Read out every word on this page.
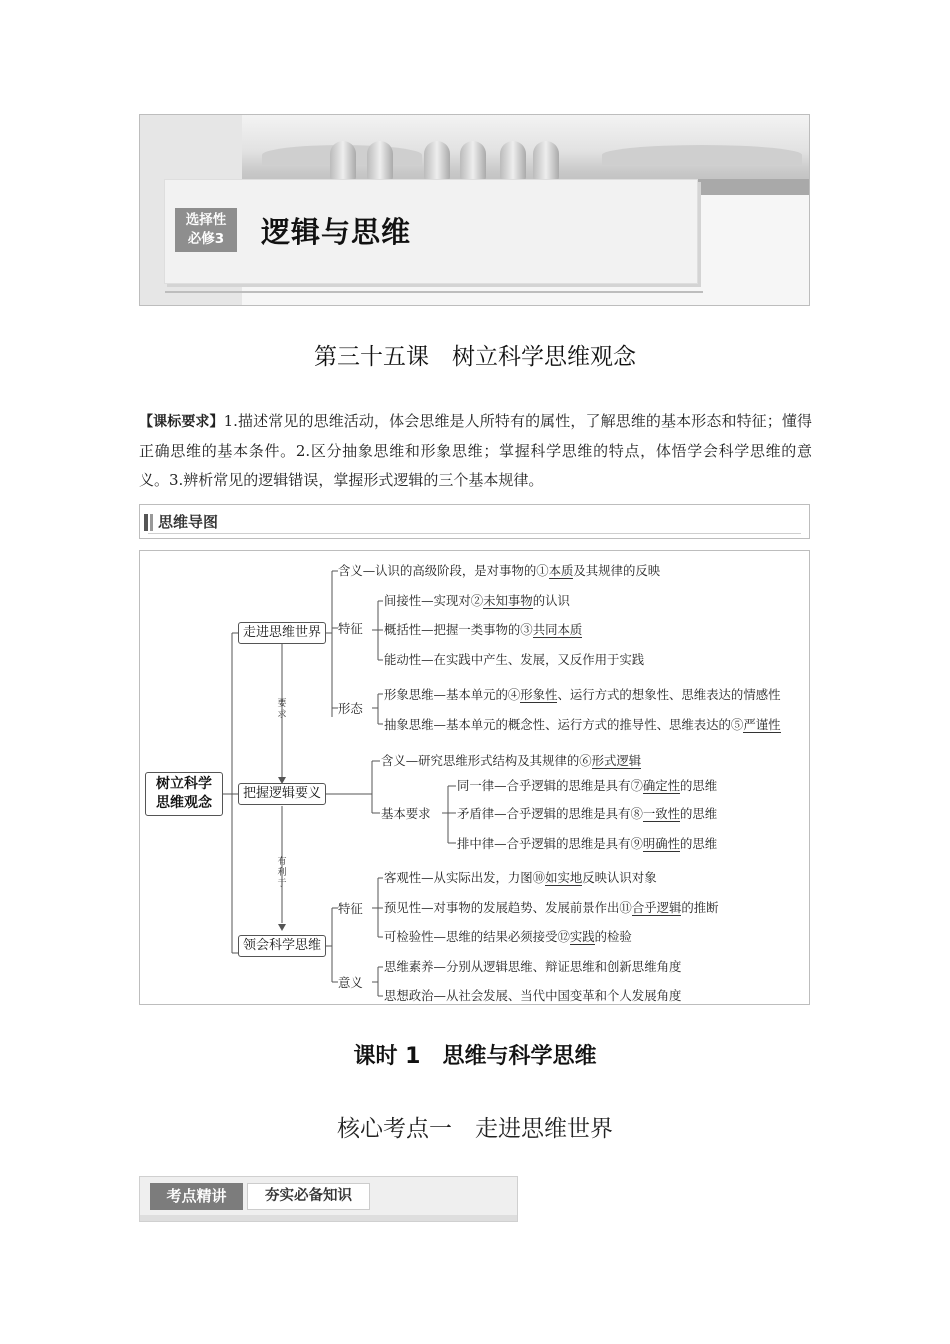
选择性
必修3	逻辑与思维
第三十五课　树立科学思维观念
【课标要求】1.描述常见的思维活动，体会思维是人所特有的属性，了解思维的基本形态和特征；懂得正确思维的基本条件。2.区分抽象思维和形象思维；掌握科学思维的特点，体悟学会科学思维的意义。3.辨析常见的逻辑错误，掌握形式逻辑的三个基本规律。
思维导图
树立科学
思维观念
要
求
有
利
于
走进思维世界
含义—认识的高级阶段，是对事物的①本质及其规律的反映
特征
间接性—实现对②未知事物的认识
概括性—把握一类事物的③共同本质
能动性—在实践中产生、发展，又反作用于实践
形态
形象思维—基本单元的④形象性、运行方式的想象性、思维表达的情感性
抽象思维—基本单元的概念性、运行方式的推导性、思维表达的⑤严谨性
把握逻辑要义
含义—研究思维形式结构及其规律的⑥形式逻辑
基本要求
同一律—合乎逻辑的思维是具有⑦确定性的思维
矛盾律—合乎逻辑的思维是具有⑧一致性的思维
排中律—合乎逻辑的思维是具有⑨明确性的思维
领会科学思维
特征
客观性—从实际出发，力图⑩如实地反映认识对象
预见性—对事物的发展趋势、发展前景作出⑪合乎逻辑的推断
可检验性—思维的结果必须接受⑫实践的检验
意义
思维素养—分别从逻辑思维、辩证思维和创新思维角度
思想政治—从社会发展、当代中国变革和个人发展角度
课时 1　思维与科学思维
核心考点一　走进思维世界
考点精讲	夯实必备知识
